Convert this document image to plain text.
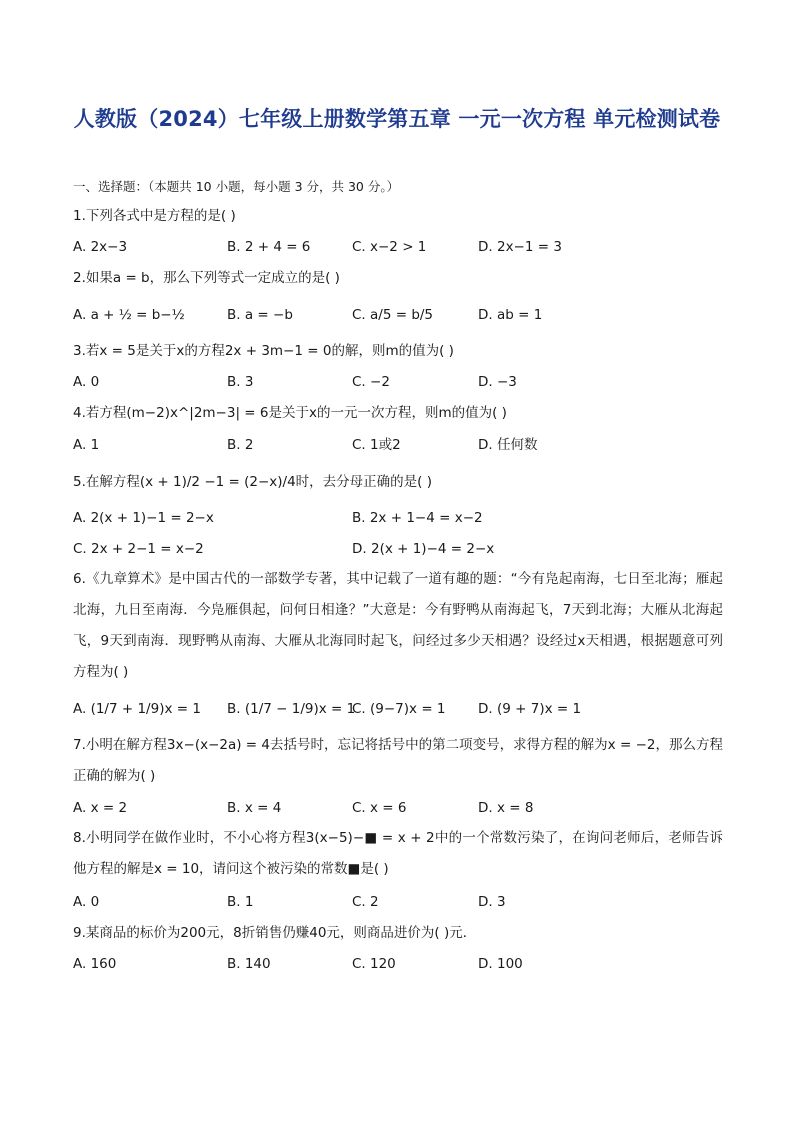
人教版（2024）七年级上册数学第五章 一元一次方程 单元检测试卷
一、选择题：（本题共 10 小题，每小题 3 分，共 30 分。）
1.下列各式中是方程的是( )
A. 2x−3	B. 2 + 4 = 6	C. x−2 > 1	D. 2x−1 = 3
2.如果a = b，那么下列等式一定成立的是( )
A. a + ½ = b−½	B. a = −b	C. a/5 = b/5	D. ab = 1
3.若x = 5是关于x的方程2x + 3m−1 = 0的解，则m的值为( )
A. 0	B. 3	C. −2	D. −3
4.若方程(m−2)x^|2m−3| = 6是关于x的一元一次方程，则m的值为( )
A. 1	B. 2	C. 1或2	D. 任何数
5.在解方程(x + 1)/2 −1 = (2−x)/4时，去分母正确的是( )
A. 2(x + 1)−1 = 2−x	B. 2x + 1−4 = x−2
C. 2x + 2−1 = x−2	D. 2(x + 1)−4 = 2−x
6.《九章算术》是中国古代的一部数学专著，其中记载了一道有趣的题：“今有凫起南海，七日至北海；雁起北海，九日至南海．今凫雁俱起，问何日相逢？”大意是：今有野鸭从南海起飞，7天到北海；大雁从北海起飞，9天到南海．现野鸭从南海、大雁从北海同时起飞，问经过多少天相遇？设经过x天相遇，根据题意可列方程为( )
A. (1/7 + 1/9)x = 1 B. (1/7 − 1/9)x = 1
C. (9−7)x = 1 D. (9 + 7)x = 1
7.小明在解方程3x−(x−2a) = 4去括号时，忘记将括号中的第二项变号，求得方程的解为x = −2，那么方程正确的解为( )
A. x = 2	B. x = 4	C. x = 6	D. x = 8
8.小明同学在做作业时，不小心将方程3(x−5)−■ = x + 2中的一个常数污染了，在询问老师后，老师告诉他方程的解是x = 10，请问这个被污染的常数■是( )
A. 0	B. 1	C. 2	D. 3
9.某商品的标价为200元，8折销售仍赚40元，则商品进价为( )元．
A. 160	B. 140	C. 120	D. 100
